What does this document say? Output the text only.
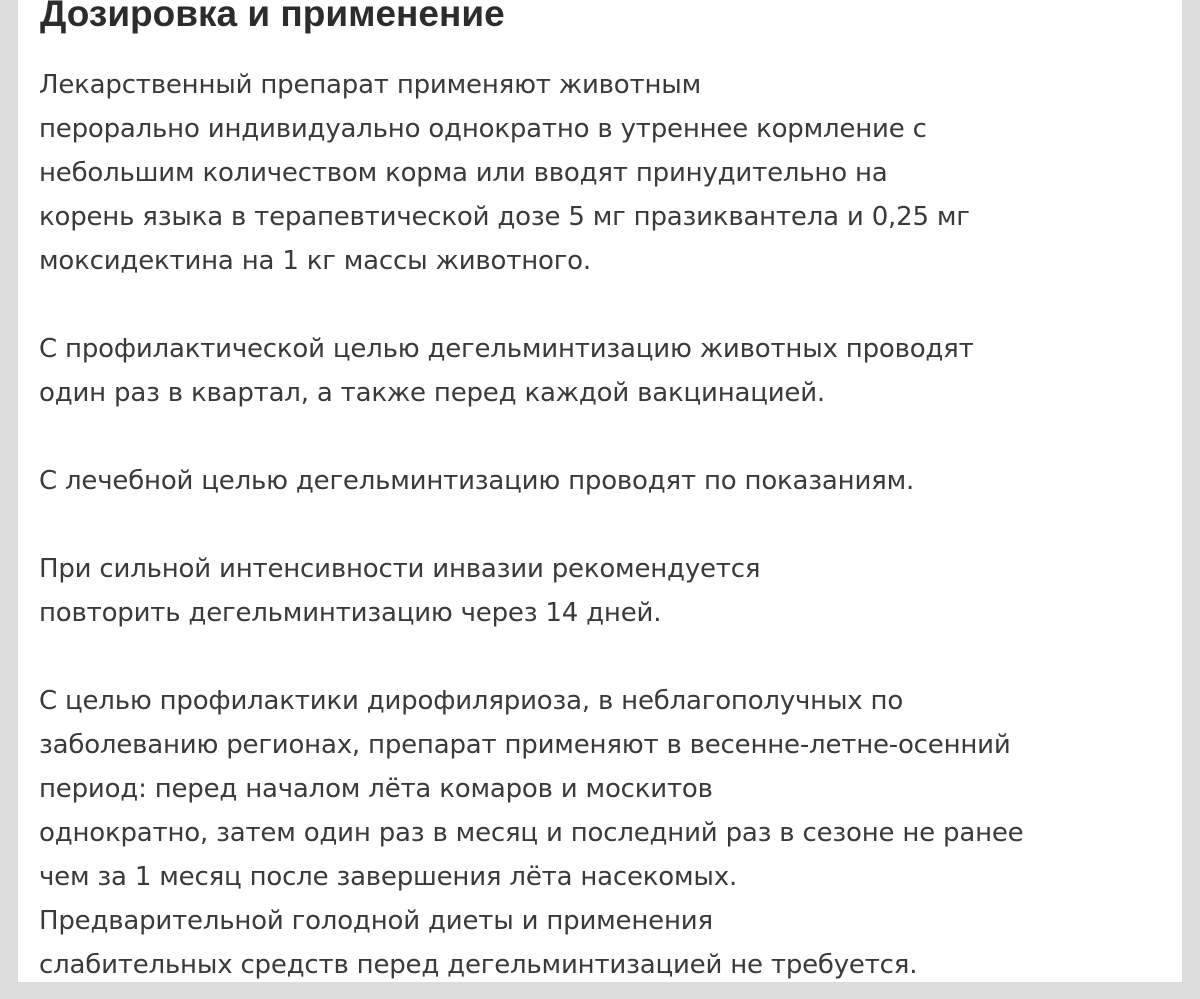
Дозировка и применение

Лекарственный препарат применяют животным
перорально индивидуально однократно в утреннее кормление с
небольшим количеством корма или вводят принудительно на
корень языка в терапевтической дозе 5 мг празиквантела и 0,25 мг
моксидектина на 1 кг массы животного.

С профилактической целью дегельминтизацию животных проводят
один раз в квартал, а также перед каждой вакцинацией.

С лечебной целью дегельминтизацию проводят по показаниям.

При сильной интенсивности инвазии рекомендуется
повторить дегельминтизацию через 14 дней.

С целью профилактики дирофиляриоза, в неблагополучных по
заболеванию регионах, препарат применяют в весенне-летне-осенний
период: перед началом лёта комаров и москитов
однократно, затем один раз в месяц и последний раз в сезоне не ранее
чем за 1 месяц после завершения лёта насекомых.
Предварительной голодной диеты и применения
слабительных средств перед дегельминтизацией не требуется.
